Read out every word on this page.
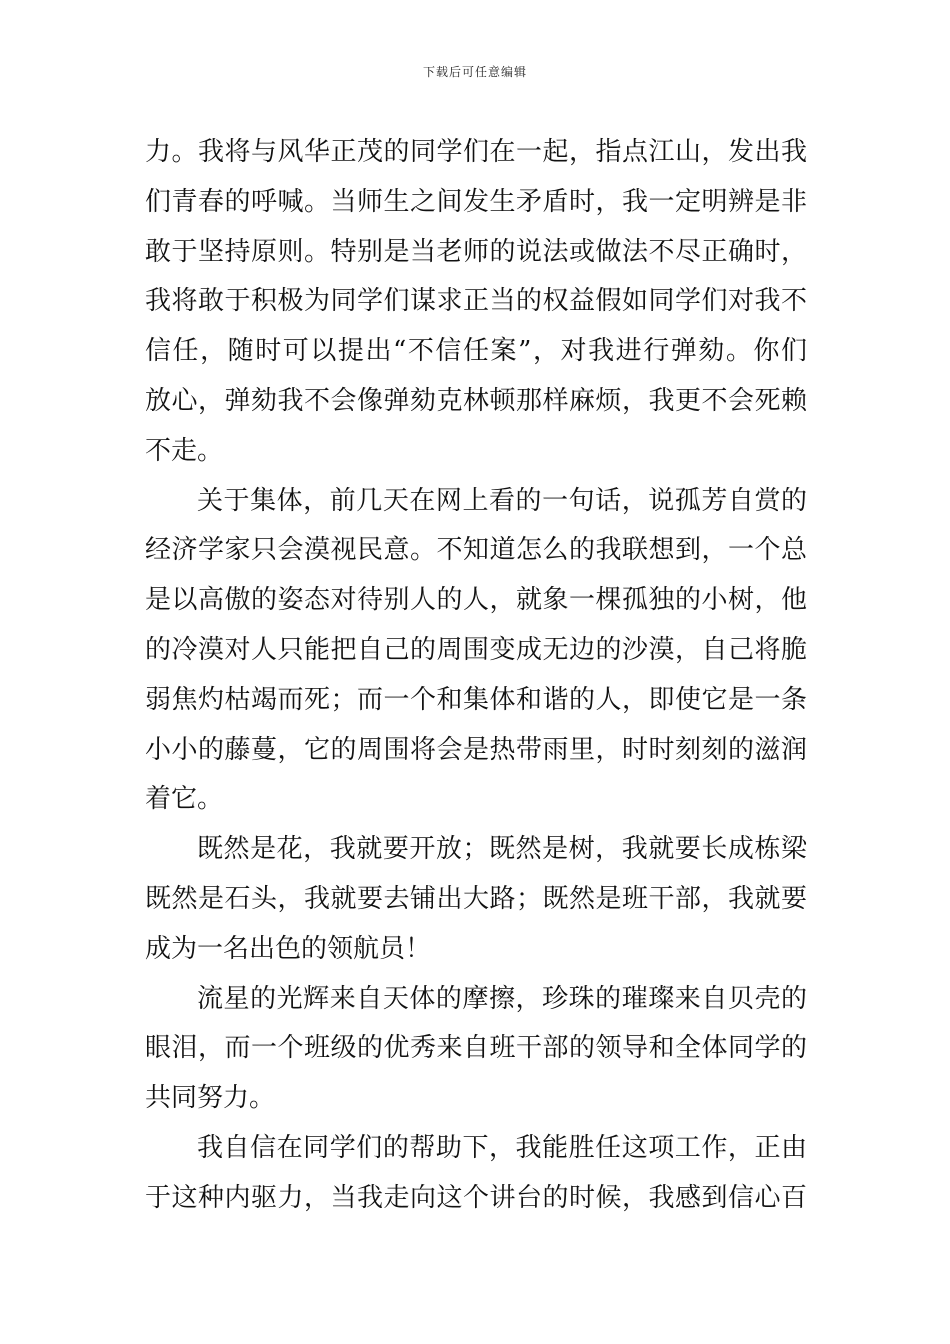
下载后可任意编辑
力。我将与风华正茂的同学们在一起，指点江山，发出我
们青春的呼喊。当师生之间发生矛盾时，我一定明辨是非
敢于坚持原则。特别是当老师的说法或做法不尽正确时，
我将敢于积极为同学们谋求正当的权益假如同学们对我不
信任，随时可以提出“不信任案”，对我进行弹劾。你们
放心，弹劾我不会像弹劾克林顿那样麻烦，我更不会死赖
不走。
关于集体，前几天在网上看的一句话，说孤芳自赏的
经济学家只会漠视民意。不知道怎么的我联想到，一个总
是以高傲的姿态对待别人的人，就象一棵孤独的小树，他
的冷漠对人只能把自己的周围变成无边的沙漠，自己将脆
弱焦灼枯竭而死；而一个和集体和谐的人，即使它是一条
小小的藤蔓，它的周围将会是热带雨里，时时刻刻的滋润
着它。
既然是花，我就要开放；既然是树，我就要长成栋梁
既然是石头，我就要去铺出大路；既然是班干部，我就要
成为一名出色的领航员！
流星的光辉来自天体的摩擦，珍珠的璀璨来自贝壳的
眼泪，而一个班级的优秀来自班干部的领导和全体同学的
共同努力。
我自信在同学们的帮助下，我能胜任这项工作，正由
于这种内驱力，当我走向这个讲台的时候，我感到信心百
